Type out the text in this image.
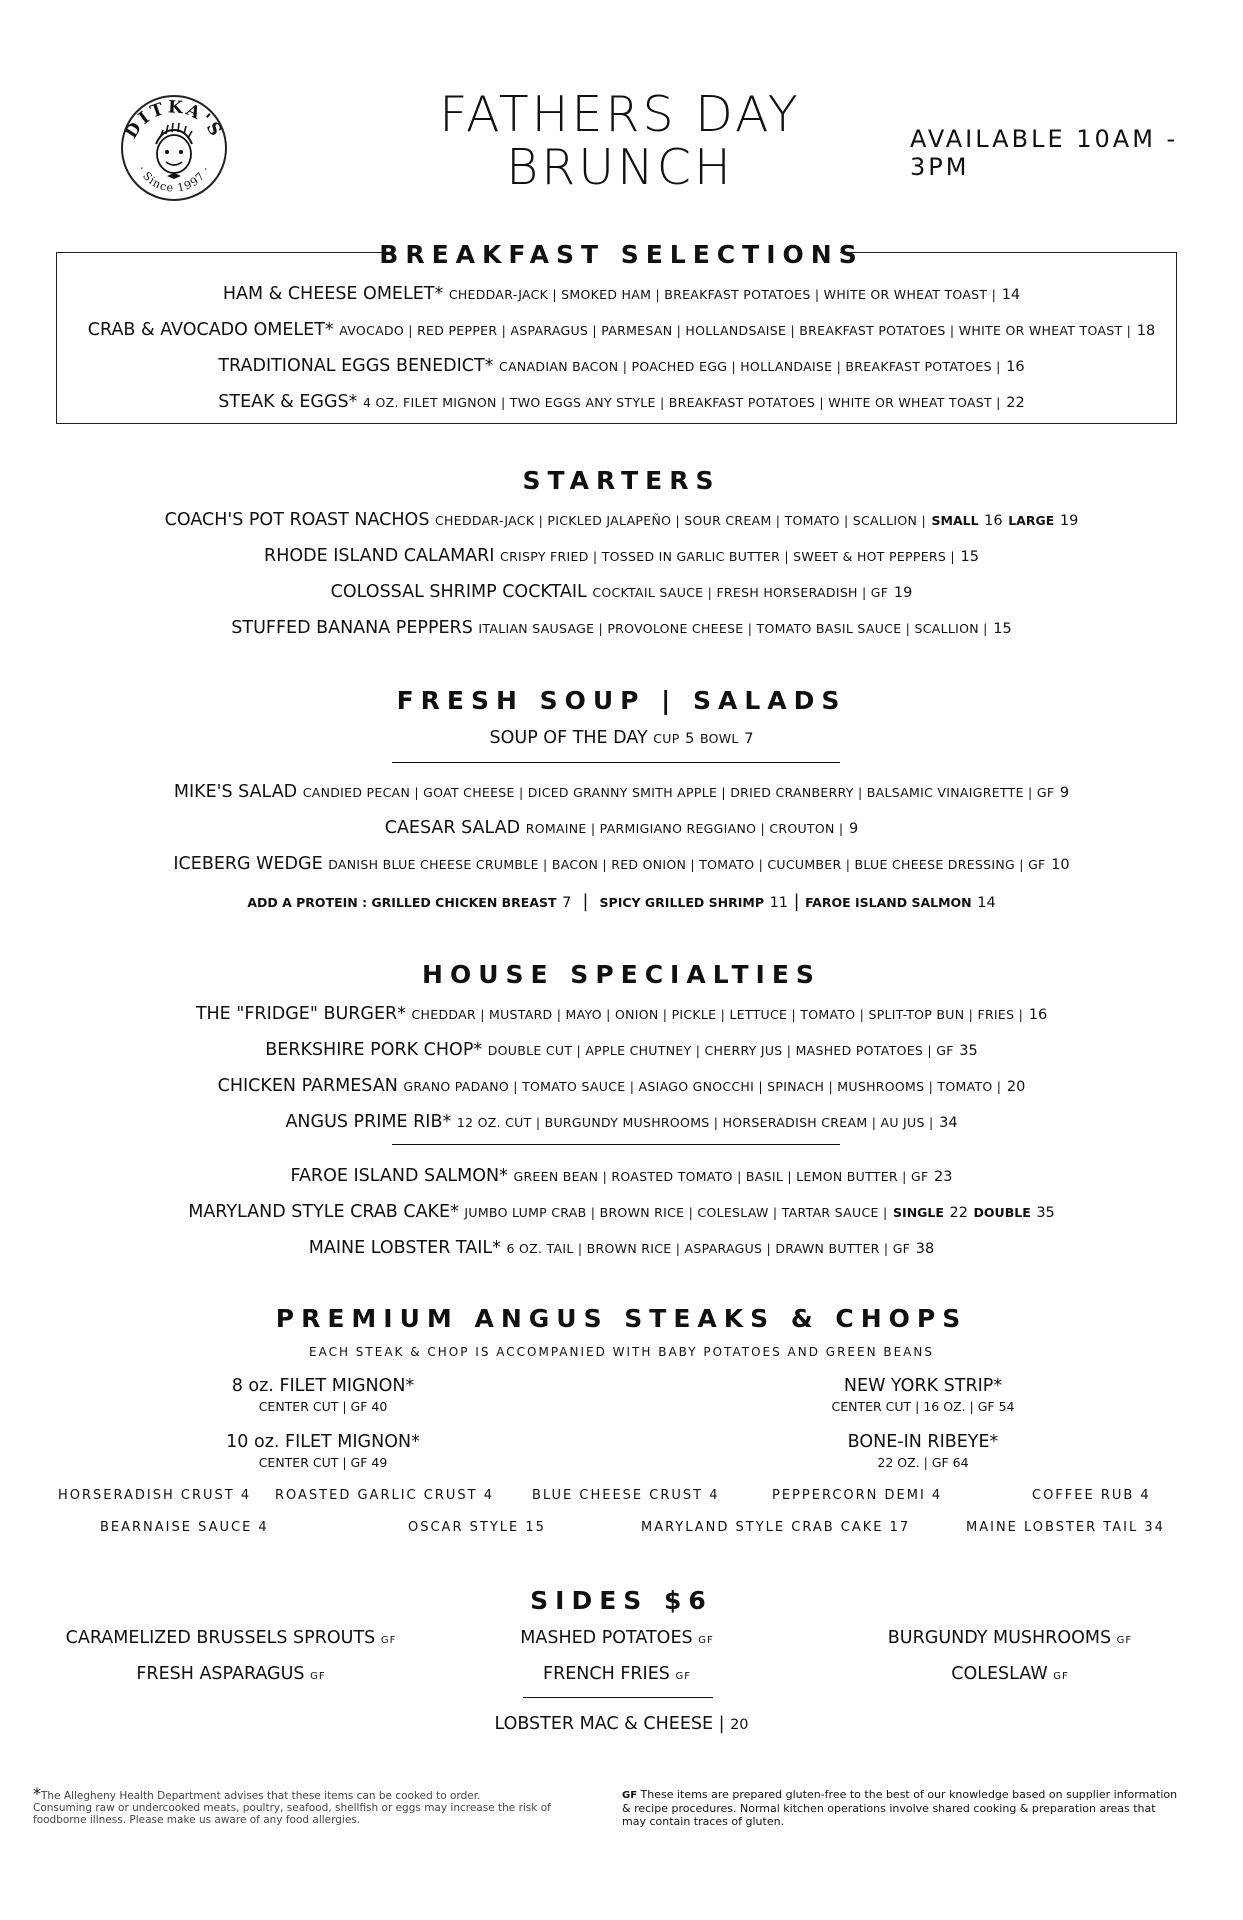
DITKA'S
· Since 1997 ·
FATHERS DAY
BRUNCH	AVAILABLE 10AM - 3PM
BREAKFAST SELECTIONS
HAM & CHEESE OMELET* CHEDDAR-JACK | SMOKED HAM | BREAKFAST POTATOES | WHITE OR WHEAT TOAST | 14
CRAB & AVOCADO OMELET* AVOCADO | RED PEPPER | ASPARAGUS | PARMESAN | HOLLANDSAISE | BREAKFAST POTATOES | WHITE OR WHEAT TOAST | 18
TRADITIONAL EGGS BENEDICT* CANADIAN BACON | POACHED EGG | HOLLANDAISE | BREAKFAST POTATOES | 16
STEAK & EGGS* 4 OZ. FILET MIGNON | TWO EGGS ANY STYLE | BREAKFAST POTATOES | WHITE OR WHEAT TOAST | 22
STARTERS
COACH'S POT ROAST NACHOS CHEDDAR-JACK | PICKLED JALAPEÑO | SOUR CREAM | TOMATO | SCALLION | SMALL 16 LARGE 19
RHODE ISLAND CALAMARI CRISPY FRIED | TOSSED IN GARLIC BUTTER | SWEET & HOT PEPPERS | 15
COLOSSAL SHRIMP COCKTAIL COCKTAIL SAUCE | FRESH HORSERADISH | GF 19
STUFFED BANANA PEPPERS ITALIAN SAUSAGE | PROVOLONE CHEESE | TOMATO BASIL SAUCE | SCALLION | 15
FRESH SOUP | SALADS
SOUP OF THE DAY CUP 5 BOWL 7
MIKE'S SALAD CANDIED PECAN | GOAT CHEESE | DICED GRANNY SMITH APPLE | DRIED CRANBERRY | BALSAMIC VINAIGRETTE | GF 9
CAESAR SALAD ROMAINE | PARMIGIANO REGGIANO | CROUTON | 9
ICEBERG WEDGE DANISH BLUE CHEESE CRUMBLE | BACON | RED ONION | TOMATO | CUCUMBER | BLUE CHEESE DRESSING | GF 10
ADD A PROTEIN : GRILLED CHICKEN BREAST 7  |  SPICY GRILLED SHRIMP 11 | FAROE ISLAND SALMON 14
HOUSE SPECIALTIES
THE "FRIDGE" BURGER* CHEDDAR | MUSTARD | MAYO | ONION | PICKLE | LETTUCE | TOMATO | SPLIT-TOP BUN | FRIES | 16
BERKSHIRE PORK CHOP* DOUBLE CUT | APPLE CHUTNEY | CHERRY JUS | MASHED POTATOES | GF 35
CHICKEN PARMESAN GRANO PADANO | TOMATO SAUCE | ASIAGO GNOCCHI | SPINACH | MUSHROOMS | TOMATO | 20
ANGUS PRIME RIB* 12 OZ. CUT | BURGUNDY MUSHROOMS | HORSERADISH CREAM | AU JUS | 34
FAROE ISLAND SALMON* GREEN BEAN | ROASTED TOMATO | BASIL | LEMON BUTTER | GF 23
MARYLAND STYLE CRAB CAKE* JUMBO LUMP CRAB | BROWN RICE | COLESLAW | TARTAR SAUCE | SINGLE 22 DOUBLE 35
MAINE LOBSTER TAIL* 6 OZ. TAIL | BROWN RICE | ASPARAGUS | DRAWN BUTTER | GF 38
PREMIUM ANGUS STEAKS & CHOPS
EACH STEAK & CHOP IS ACCOMPANIED WITH BABY POTATOES AND GREEN BEANS
8 oz. FILET MIGNON*
CENTER CUT | GF 40
NEW YORK STRIP*
CENTER CUT | 16 OZ. | GF 54
10 oz. FILET MIGNON*
CENTER CUT | GF 49
BONE-IN RIBEYE*
22 OZ. | GF 64
HORSERADISH CRUST 4 ROASTED GARLIC CRUST 4	BLUE CHEESE CRUST 4	PEPPERCORN DEMI 4	COFFEE RUB 4
BEARNAISE SAUCE 4	OSCAR STYLE 15	MARYLAND STYLE CRAB CAKE 17	MAINE LOBSTER TAIL 34
SIDES $6
CARAMELIZED BRUSSELS SPROUTS GF	MASHED POTATOES GF	BURGUNDY MUSHROOMS GF
FRESH ASPARAGUS GF	FRENCH FRIES GF	COLESLAW GF
LOBSTER MAC & CHEESE | 20
*The Allegheny Health Department advises that these items can be cooked to order.
Consuming raw or undercooked meats, poultry, seafood, shellfish or eggs may increase the risk of foodborne illness. Please make us aware of any food allergies.
GF These items are prepared gluten-free to the best of our knowledge based on supplier information & recipe procedures. Normal kitchen operations involve shared cooking & preparation areas that may contain traces of gluten.
